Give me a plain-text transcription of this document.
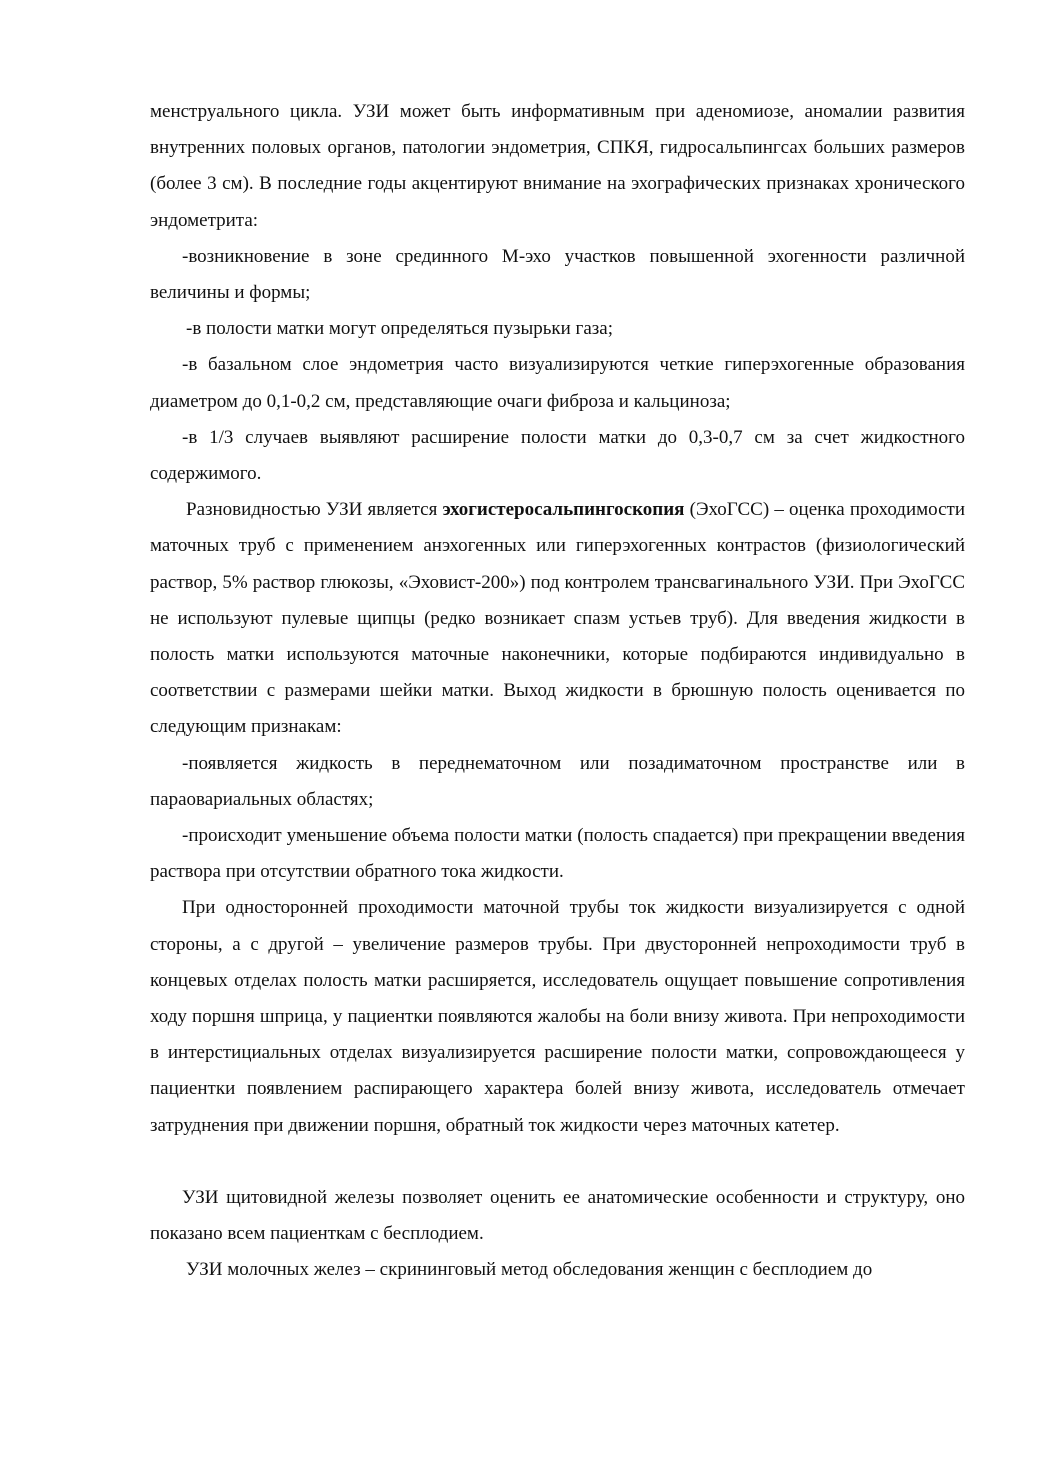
менструального цикла. УЗИ может быть информативным при аденомиозе, аномалии развития внутренних половых органов, патологии эндометрия, СПКЯ, гидросальпингсах больших размеров (более 3 см). В последние годы акцентируют внимание на эхографических признаках хронического эндометрита:

-возникновение в зоне срединного М-эхо участков повышенной эхогенности различной величины и формы;

-в полости матки могут определяться пузырьки газа;

-в базальном слое эндометрия часто визуализируются четкие гиперэхогенные образования диаметром до 0,1-0,2 см, представляющие очаги фиброза и кальциноза;

-в 1/3 случаев выявляют расширение полости матки до 0,3-0,7 см за счет жидкостного содержимого.

Разновидностью УЗИ является эхогистеросальпингоскопия (ЭхоГСС) – оценка проходимости маточных труб с применением анэхогенных или гиперэхогенных контрастов (физиологический раствор, 5% раствор глюкозы, «Эховист-200») под контролем трансвагинального УЗИ. При ЭхоГСС не используют пулевые щипцы (редко возникает спазм устьев труб). Для введения жидкости в полость матки используются маточные наконечники, которые подбираются индивидуально в соответствии с размерами шейки матки. Выход жидкости в брюшную полость оценивается по следующим признакам:

-появляется жидкость в переднематочном или позадиматочном пространстве или в параовариальных областях;

-происходит уменьшение объема полости матки (полость спадается) при прекращении введения раствора при отсутствии обратного тока жидкости.

При односторонней проходимости маточной трубы ток жидкости визуализируется с одной стороны, а с другой – увеличение размеров трубы. При двусторонней непроходимости труб в концевых отделах полость матки расширяется, исследователь ощущает повышение сопротивления ходу поршня шприца, у пациентки появляются жалобы на боли внизу живота. При непроходимости в интерстициальных отделах визуализируется расширение полости матки, сопровождающееся у пациентки появлением распирающего характера болей внизу живота, исследователь отмечает затруднения при движении поршня, обратный ток жидкости через маточных катетер.

УЗИ щитовидной железы позволяет оценить ее анатомические особенности и структуру, оно показано всем пациенткам с бесплодием.

УЗИ молочных желез – скрининговый метод обследования женщин с бесплодием до
